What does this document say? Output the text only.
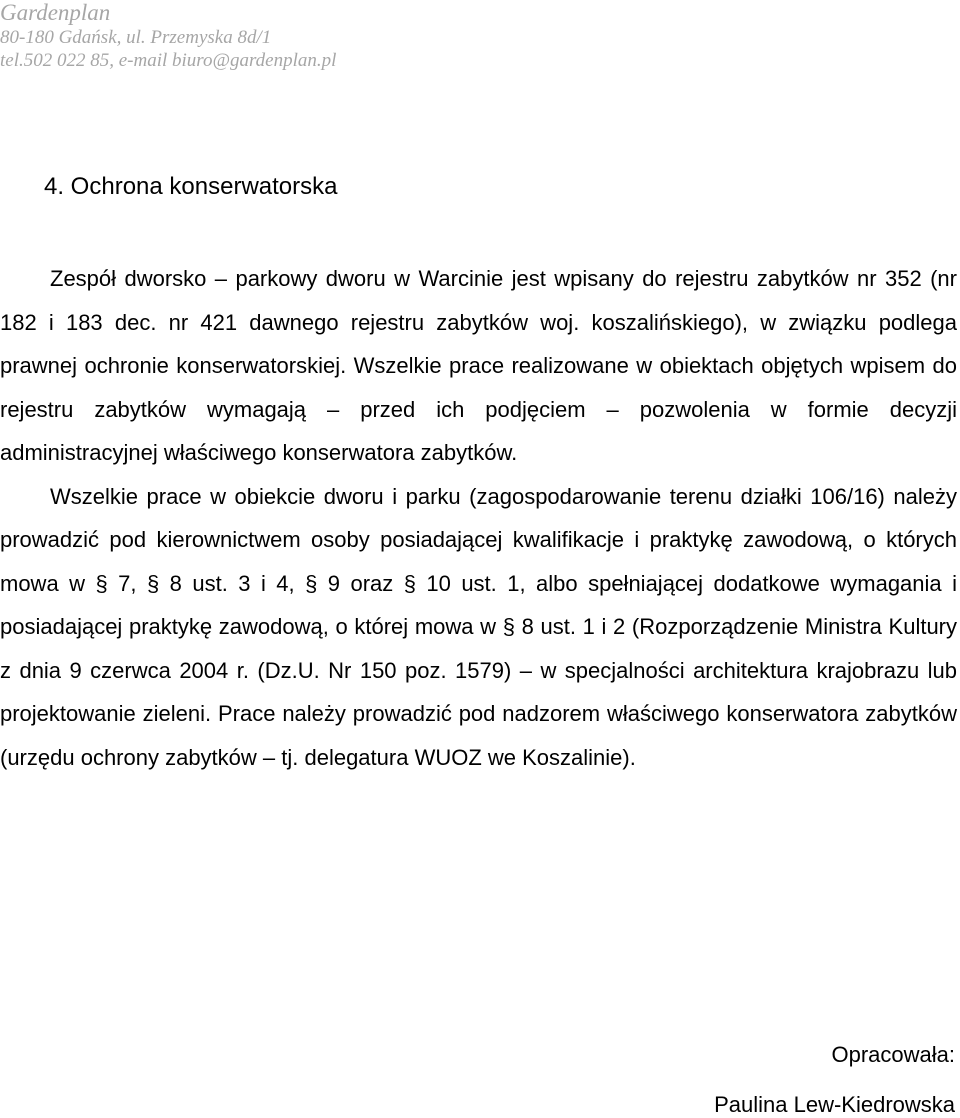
Gardenplan
80-180 Gdańsk, ul. Przemyska 8d/1
tel.502 022 85, e-mail biuro@gardenplan.pl
4. Ochrona konserwatorska

Zespół dworsko – parkowy dworu w Warcinie jest wpisany do rejestru zabytków nr 352 (nr 182 i 183 dec. nr 421 dawnego rejestru zabytków woj. koszalińskiego), w związku podlega prawnej ochronie konserwatorskiej. Wszelkie prace realizowane w obiektach objętych wpisem do rejestru zabytków wymagają – przed ich podjęciem – pozwolenia w formie decyzji administracyjnej właściwego konserwatora zabytków.

Wszelkie prace w obiekcie dworu i parku (zagospodarowanie terenu działki 106/16) należy prowadzić pod kierownictwem osoby posiadającej kwalifikacje i praktykę zawodową, o których mowa w § 7, § 8 ust. 3 i 4, § 9 oraz § 10 ust. 1, albo spełniającej dodatkowe wymagania i posiadającej praktykę zawodową, o której mowa w § 8 ust. 1 i 2 (Rozporządzenie Ministra Kultury z dnia 9 czerwca 2004 r. (Dz.U. Nr 150 poz. 1579) – w specjalności architektura krajobrazu lub projektowanie zieleni. Prace należy prowadzić pod nadzorem właściwego konserwatora zabytków (urzędu ochrony zabytków – tj. delegatura WUOZ we Koszalinie).

Opracowała:
Paulina Lew-Kiedrowska
